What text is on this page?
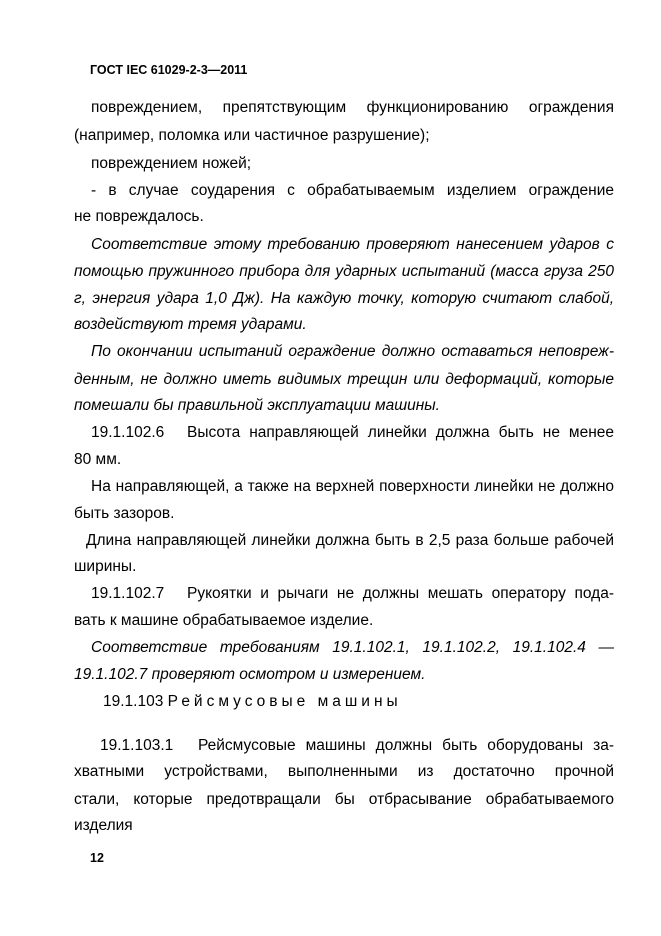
ГОСТ IEC 61029-2-3—2011
повреждением, препятствующим функционированию ограждения
(например, поломка или частичное разрушение);
повреждением ножей;
- в случае соударения с обрабатываемым изделием ограждение
не повреждалось.
Соответствие этому требованию проверяют нанесением ударов с
помощью пружинного прибора для ударных испытаний (масса груза 250
г, энергия удара 1,0 Дж). На каждую точку, которую считают слабой,
воздействуют тремя ударами.
По окончании испытаний ограждение должно оставаться неповреж-
денным, не должно иметь видимых трещин или деформаций, которые
помешали бы правильной эксплуатации машины.
19.1.102.6 Высота направляющей линейки должна быть не менее
80 мм.
На направляющей, а также на верхней поверхности линейки не должно
быть зазоров.
Длина направляющей линейки должна быть в 2,5 раза больше рабочей
ширины.
19.1.102.7 Рукоятки и рычаги не должны мешать оператору пода-
вать к машине обрабатываемое изделие.
Соответствие требованиям 19.1.102.1, 19.1.102.2, 19.1.102.4 —
19.1.102.7 проверяют осмотром и измерением.
19.1.103 Рейсмусовые машины
19.1.103.1 Рейсмусовые машины должны быть оборудованы за-
хватными устройствами, выполненными из достаточно прочной
стали, которые предотвращали бы отбрасывание обрабатываемого
изделия
12
